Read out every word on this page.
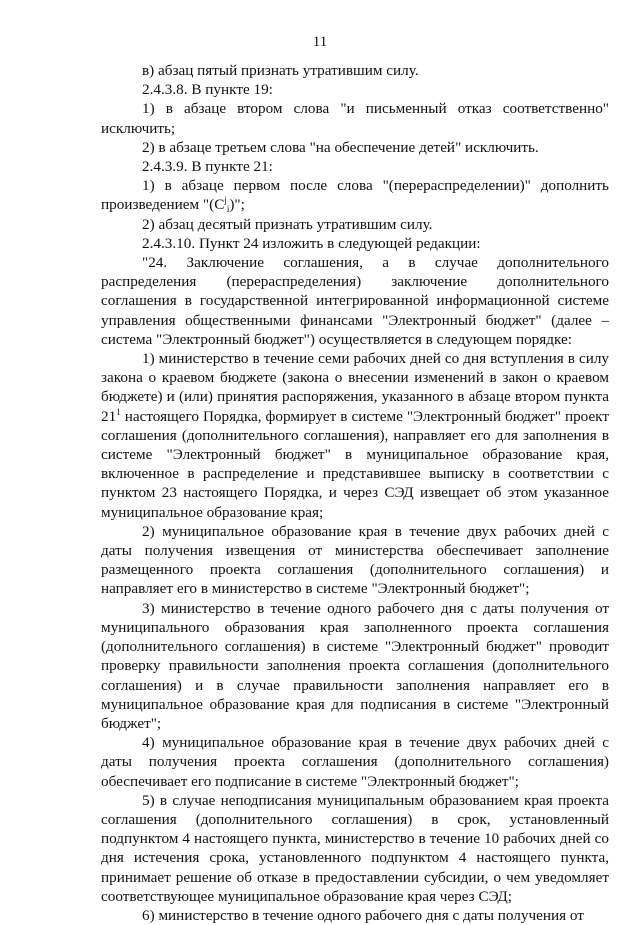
11

в) абзац пятый признать утратившим силу.

2.4.3.8. В пункте 19:

1) в абзаце втором слова "и письменный отказ соответственно" исключить;

2) в абзаце третьем слова "на обеспечение детей" исключить.

2.4.3.9. В пункте 21:

1) в абзаце первом после слова "(перераспределении)" дополнить произведением "$(C^j_i)$";

2) абзац десятый признать утратившим силу.

2.4.3.10. Пункт 24 изложить в следующей редакции:

"24. Заключение соглашения, а в случае дополнительного распределения (перераспределения) заключение дополнительного соглашения в государственной интегрированной информационной системе управления общественными финансами "Электронный бюджет" (далее – система "Электронный бюджет") осуществляется в следующем порядке:

1) министерство в течение семи рабочих дней со дня вступления в силу закона о краевом бюджете (закона о внесении изменений в закон о краевом бюджете) и (или) принятия распоряжения, указанного в абзаце втором пункта $21^1$ настоящего Порядка, формирует в системе "Электронный бюджет" проект соглашения (дополнительного соглашения), направляет его для заполнения в системе "Электронный бюджет" в муниципальное образование края, включенное в распределение и представившее выписку в соответствии с пунктом 23 настоящего Порядка, и через СЭД извещает об этом указанное муниципальное образование края;

2) муниципальное образование края в течение двух рабочих дней с даты получения извещения от министерства обеспечивает заполнение размещенного проекта соглашения (дополнительного соглашения) и направляет его в министерство в системе "Электронный бюджет";

3) министерство в течение одного рабочего дня с даты получения от муниципального образования края заполненного проекта соглашения (дополнительного соглашения) в системе "Электронный бюджет" проводит проверку правильности заполнения проекта соглашения (дополнительного соглашения) и в случае правильности заполнения направляет его в муниципальное образование края для подписания в системе "Электронный бюджет";

4) муниципальное образование края в течение двух рабочих дней с даты получения проекта соглашения (дополнительного соглашения) обеспечивает его подписание в системе "Электронный бюджет";

5) в случае неподписания муниципальным образованием края проекта соглашения (дополнительного соглашения) в срок, установленный подпунктом 4 настоящего пункта, министерство в течение 10 рабочих дней со дня истечения срока, установленного подпунктом 4 настоящего пункта, принимает решение об отказе в предоставлении субсидии, о чем уведомляет соответствующее муниципальное образование края через СЭД;

6) министерство в течение одного рабочего дня с даты получения от
